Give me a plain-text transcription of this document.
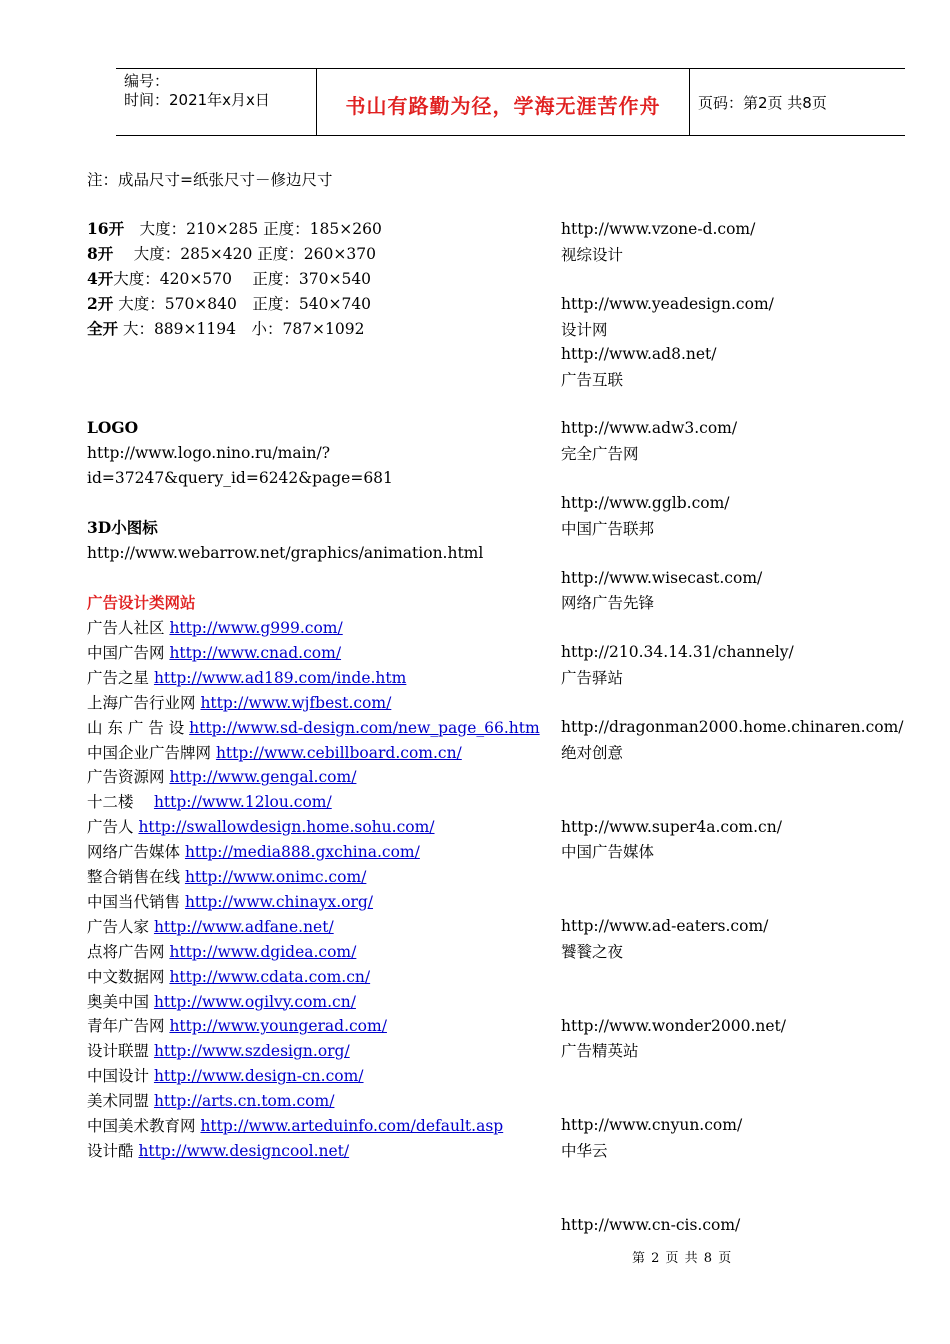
编号：
时间：2021年x月x日	书山有路勤为径，学海无涯苦作舟	页码：第2页 共8页
注：成品尺寸=纸张尺寸－修边尺寸
16开　大度：210×285 正度：185×260
8开　 大度：285×420 正度：260×370
4开大度：420×570　 正度：370×540
2开 大度：570×840　正度：540×740
全开 大：889×1194　小：787×1092
LOGO
http://www.logo.nino.ru/main/?
id=37247&query_id=6242&page=681
3D小图标
http://www.webarrow.net/graphics/animation.html
广告设计类网站
广告人社区 http://www.g999.com/
中国广告网 http://www.cnad.com/
广告之星 http://www.ad189.com/inde.htm
上海广告行业网 http://www.wjfbest.com/
山 东 广 告 设 http://www.sd-design.com/new_page_66.htm
中国企业广告牌网 http://www.cebillboard.com.cn/
广告资源网 http://www.gengal.com/
十二楼　 http://www.12lou.com/
广告人 http://swallowdesign.home.sohu.com/
网络广告媒体 http://media888.gxchina.com/
整合销售在线 http://www.onimc.com/
中国当代销售 http://www.chinayx.org/
广告人家 http://www.adfane.net/
点将广告网 http://www.dgidea.com/
中文数据网 http://www.cdata.com.cn/
奥美中国 http://www.ogilvy.com.cn/
青年广告网 http://www.youngerad.com/
设计联盟 http://www.szdesign.org/
中国设计 http://www.design-cn.com/
美术同盟 http://arts.cn.tom.com/
中国美术教育网 http://www.arteduinfo.com/default.asp
设计酷 http://www.designcool.net/
http://www.vzone-d.com/
视综设计
http://www.yeadesign.com/
设计网
http://www.ad8.net/
广告互联
http://www.adw3.com/
完全广告网
http://www.gglb.com/
中国广告联邦
http://www.wisecast.com/
网络广告先锋
http://210.34.14.31/channely/
广告驿站
http://dragonman2000.home.chinaren.com/
绝对创意
http://www.super4a.com.cn/
中国广告媒体
http://www.ad-eaters.com/
饕餮之夜
http://www.wonder2000.net/
广告精英站
http://www.cnyun.com/
中华云
http://www.cn-cis.com/
第 2 页 共 8 页
